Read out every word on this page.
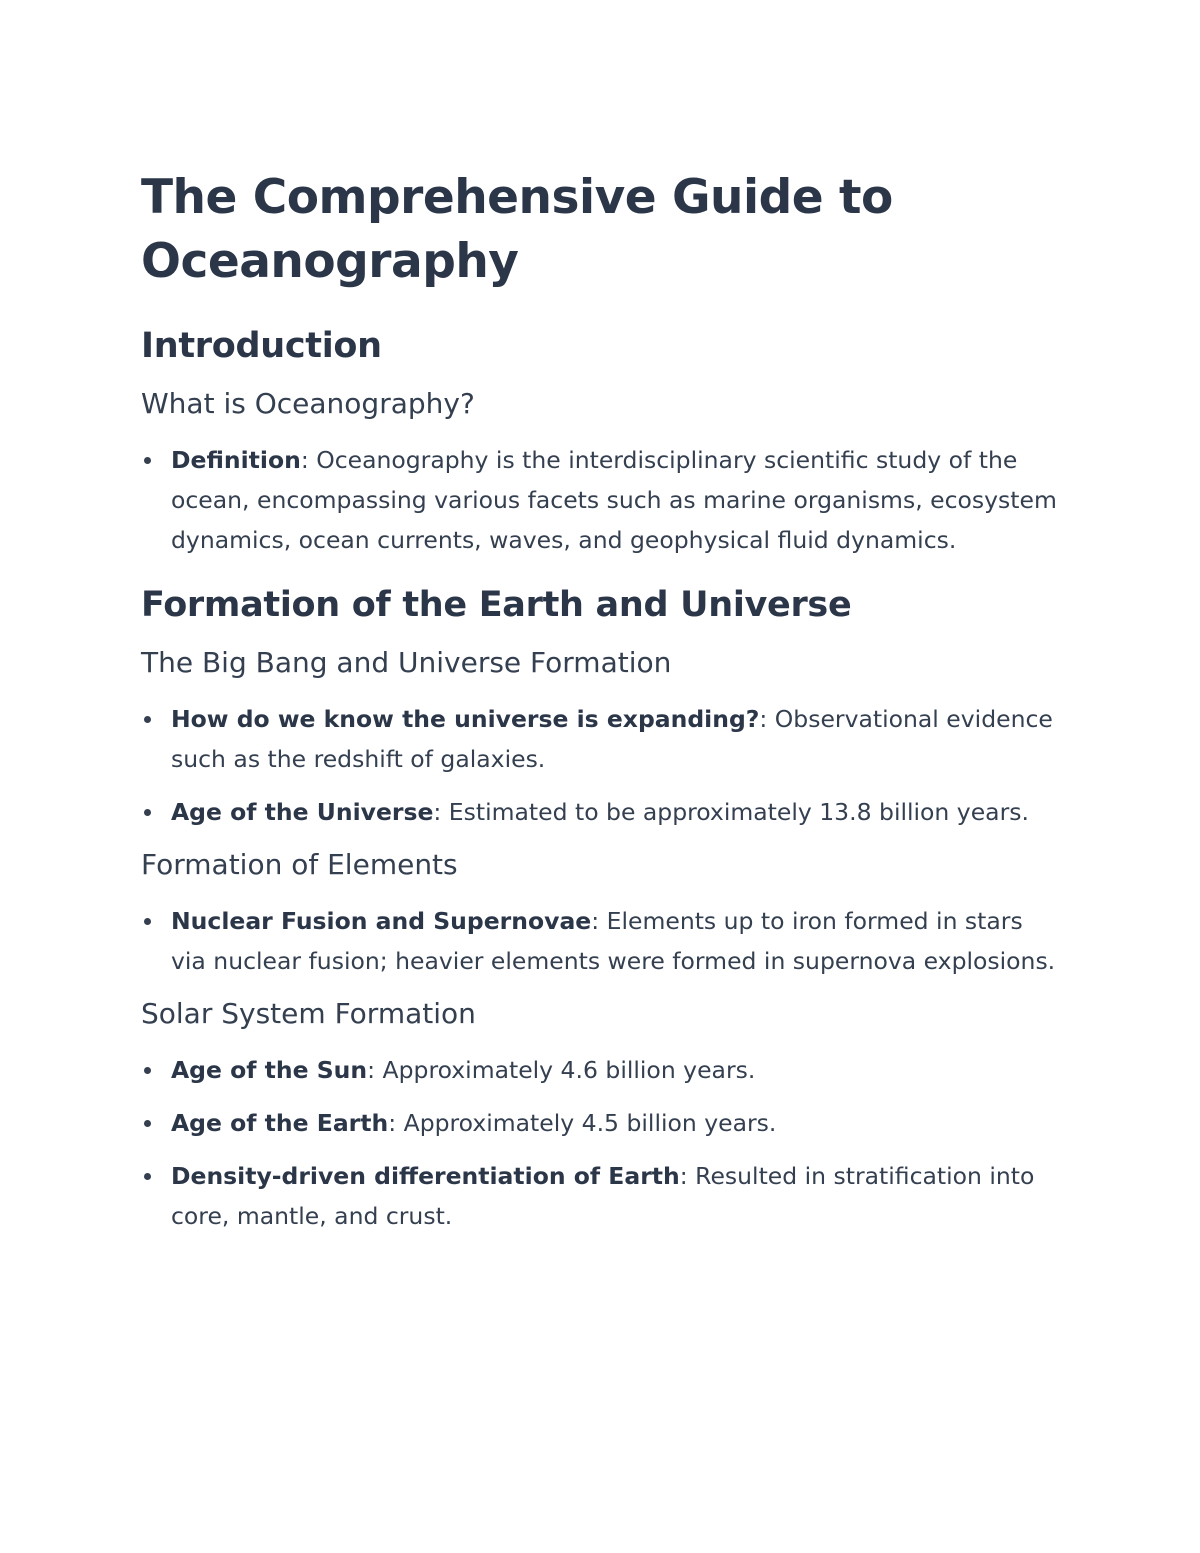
The Comprehensive Guide to Oceanography
Introduction
What is Oceanography?
Definition: Oceanography is the interdisciplinary scientific study of the ocean, encompassing various facets such as marine organisms, ecosystem dynamics, ocean currents, waves, and geophysical fluid dynamics.
Formation of the Earth and Universe
The Big Bang and Universe Formation
How do we know the universe is expanding?: Observational evidence such as the redshift of galaxies.
Age of the Universe: Estimated to be approximately 13.8 billion years.
Formation of Elements
Nuclear Fusion and Supernovae: Elements up to iron formed in stars via nuclear fusion; heavier elements were formed in supernova explosions.
Solar System Formation
Age of the Sun: Approximately 4.6 billion years.
Age of the Earth: Approximately 4.5 billion years.
Density-driven differentiation of Earth: Resulted in stratification into core, mantle, and crust.
